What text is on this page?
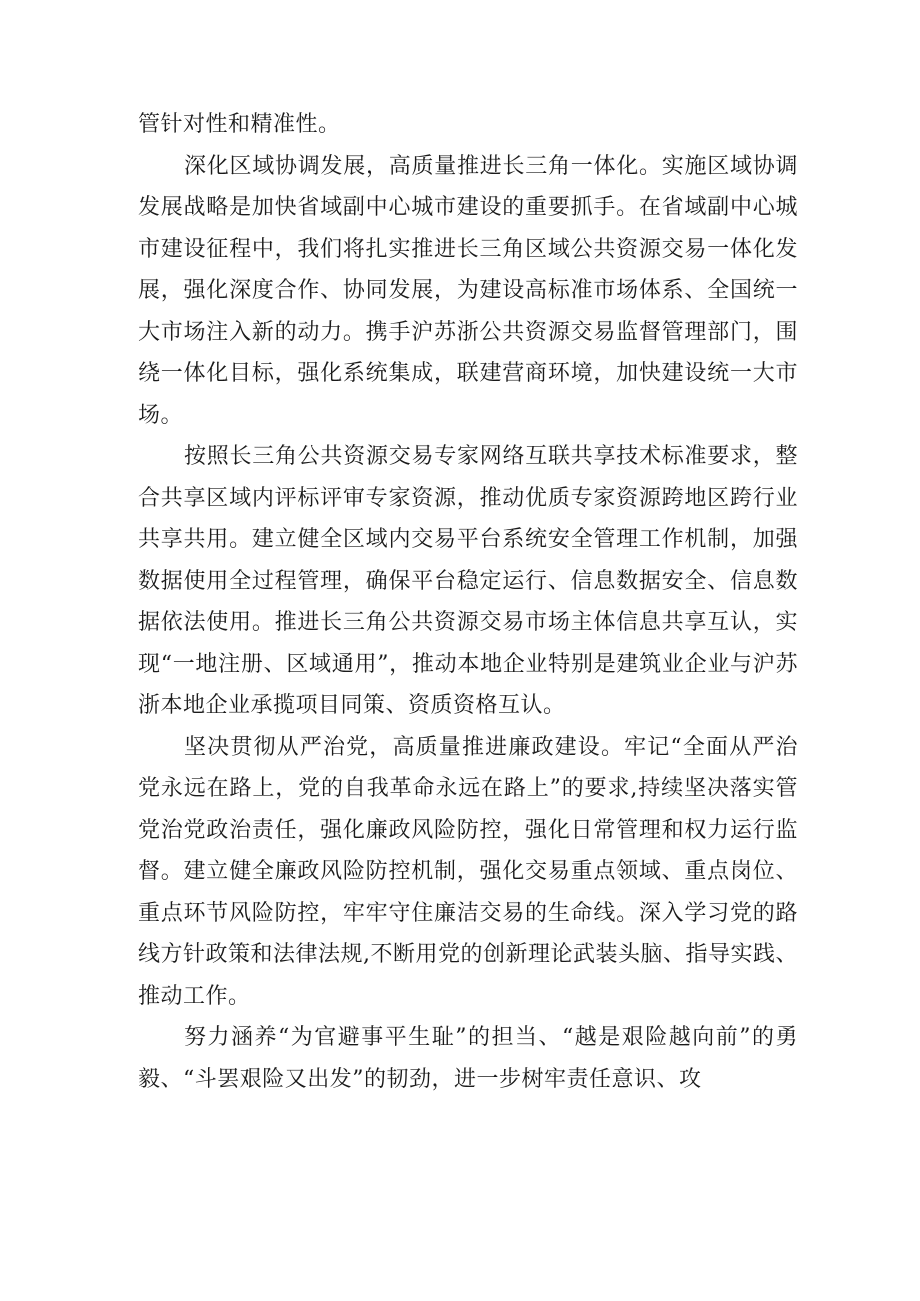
管针对性和精准性。

深化区域协调发展，高质量推进长三角一体化。实施区域协调发展战略是加快省域副中心城市建设的重要抓手。在省域副中心城市建设征程中，我们将扎实推进长三角区域公共资源交易一体化发展，强化深度合作、协同发展，为建设高标准市场体系、全国统一大市场注入新的动力。携手沪苏浙公共资源交易监督管理部门，围绕一体化目标，强化系统集成，联建营商环境，加快建设统一大市场。

按照长三角公共资源交易专家网络互联共享技术标准要求，整合共享区域内评标评审专家资源，推动优质专家资源跨地区跨行业共享共用。建立健全区域内交易平台系统安全管理工作机制，加强数据使用全过程管理，确保平台稳定运行、信息数据安全、信息数据依法使用。推进长三角公共资源交易市场主体信息共享互认，实现“一地注册、区域通用”，推动本地企业特别是建筑业企业与沪苏浙本地企业承揽项目同策、资质资格互认。

坚决贯彻从严治党，高质量推进廉政建设。牢记“全面从严治党永远在路上，党的自我革命永远在路上”的要求,持续坚决落实管党治党政治责任，强化廉政风险防控，强化日常管理和权力运行监督。建立健全廉政风险防控机制，强化交易重点领域、重点岗位、重点环节风险防控，牢牢守住廉洁交易的生命线。深入学习党的路线方针政策和法律法规,不断用党的创新理论武装头脑、指导实践、推动工作。

努力涵养“为官避事平生耻”的担当、“越是艰险越向前”的勇毅、“斗罢艰险又出发”的韧劲，进一步树牢责任意识、攻
